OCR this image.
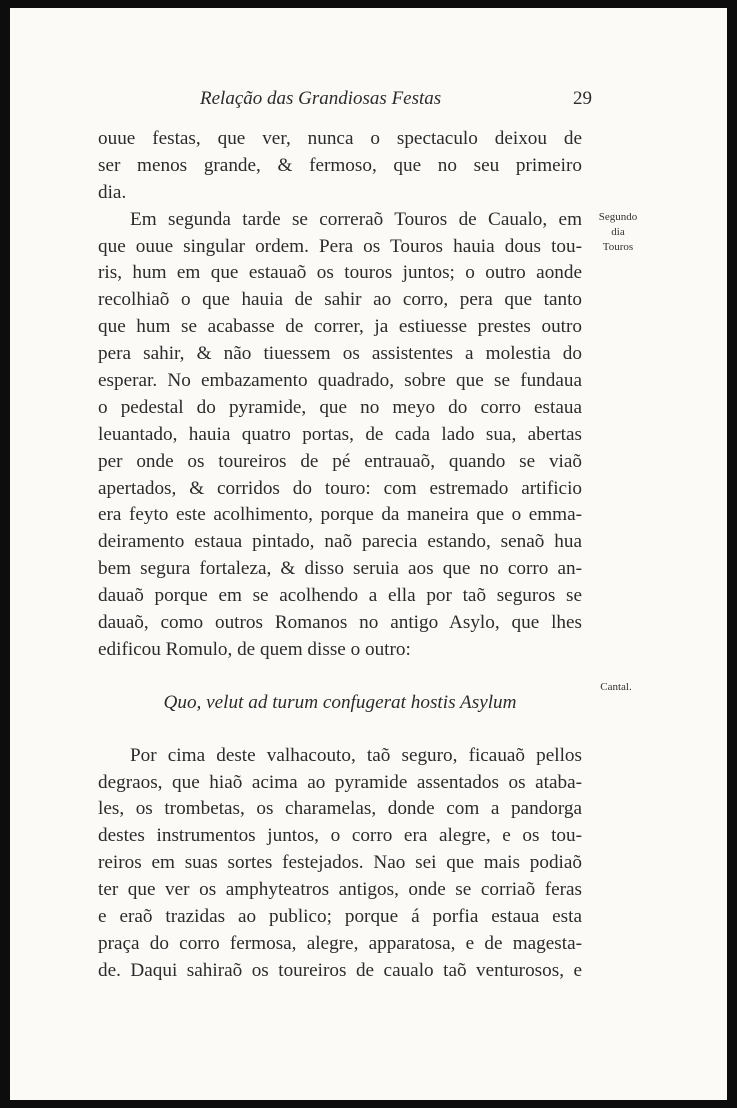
Relação das Grandiosas Festas	29
Segundo
dia
Touros
Cantal.
ouue festas, que ver, nunca o spectaculo deixou de
ser menos grande, & fermoso, que no seu primeiro
dia.
Em segunda tarde se correraõ Touros de Caualo, em
que ouue singular ordem. Pera os Touros hauia dous tou-
ris, hum em que estauaõ os touros juntos; o outro aonde
recolhiaõ o que hauia de sahir ao corro, pera que tanto
que hum se acabasse de correr, ja estiuesse prestes outro
pera sahir, & não tiuessem os assistentes a molestia do
esperar. No embazamento quadrado, sobre que se fundaua
o pedestal do pyramide, que no meyo do corro estaua
leuantado, hauia quatro portas, de cada lado sua, abertas
per onde os toureiros de pé entrauaõ, quando se viaõ
apertados, & corridos do touro: com estremado artificio
era feyto este acolhimento, porque da maneira que o emma-
deiramento estaua pintado, naõ parecia estando, senaõ hua
bem segura fortaleza, & disso seruia aos que no corro an-
dauaõ porque em se acolhendo a ella por taõ seguros se
dauaõ, como outros Romanos no antigo Asylo, que lhes
edificou Romulo, de quem disse o outro:
Quo, velut ad turum confugerat hostis Asylum
Por cima deste valhacouto, taõ seguro, ficauaõ pellos
degraos, que hiaõ acima ao pyramide assentados os ataba-
les, os trombetas, os charamelas, donde com a pandorga
destes instrumentos juntos, o corro era alegre, e os tou-
reiros em suas sortes festejados. Nao sei que mais podiaõ
ter que ver os amphyteatros antigos, onde se corriaõ feras
e eraõ trazidas ao publico; porque á porfia estaua esta
praça do corro fermosa, alegre, apparatosa, e de magesta-
de. Daqui sahiraõ os toureiros de caualo taõ venturosos, e
